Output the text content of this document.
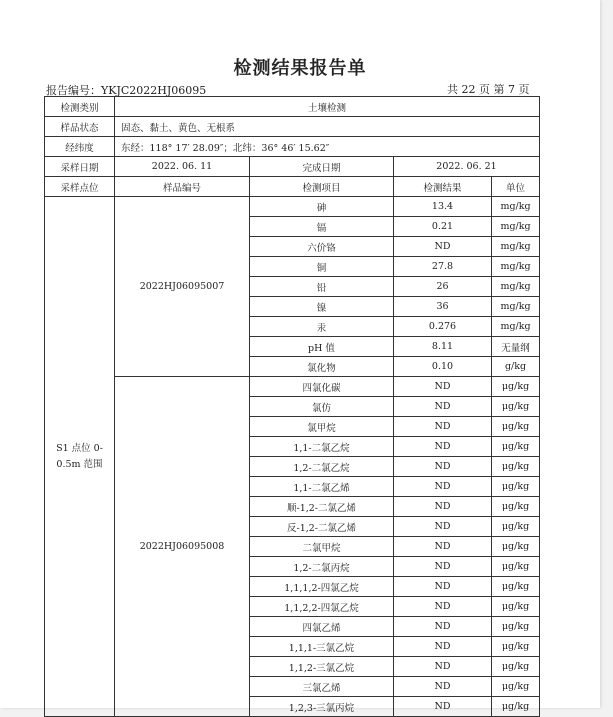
检测结果报告单
报告编号：YKJC2022HJ06095	共 22 页 第 7 页
检测类别	土壤检测			
样品状态	固态、黏土、黄色、无根系			
经纬度	东经：118° 17′ 28.09″；北纬：36° 46′ 15.62″			
采样日期	2022. 06. 11	完成日期	2022. 06. 21	
采样点位	样品编号	检测项目	检测结果	单位
S1 点位 0-0.5m 范围	2022HJ06095007	砷	13.4	mg/kg
		镉	0.21	mg/kg
		六价铬	ND	mg/kg
		铜	27.8	mg/kg
		铅	26	mg/kg
		镍	36	mg/kg
		汞	0.276	mg/kg
		pH 值	8.11	无量纲
		氯化物	0.10	g/kg
	2022HJ06095008	四氯化碳	ND	μg/kg
		氯仿	ND	μg/kg
		氯甲烷	ND	μg/kg
		1,1-二氯乙烷	ND	μg/kg
		1,2-二氯乙烷	ND	μg/kg
		1,1-二氯乙烯	ND	μg/kg
		顺-1,2-二氯乙烯	ND	μg/kg
		反-1,2-二氯乙烯	ND	μg/kg
		二氯甲烷	ND	μg/kg
		1,2-二氯丙烷	ND	μg/kg
		1,1,1,2-四氯乙烷	ND	μg/kg
		1,1,2,2-四氯乙烷	ND	μg/kg
		四氯乙烯	ND	μg/kg
		1,1,1-三氯乙烷	ND	μg/kg
		1,1,2-三氯乙烷	ND	μg/kg
		三氯乙烯	ND	μg/kg
		1,2,3-三氯丙烷	ND	μg/kg
